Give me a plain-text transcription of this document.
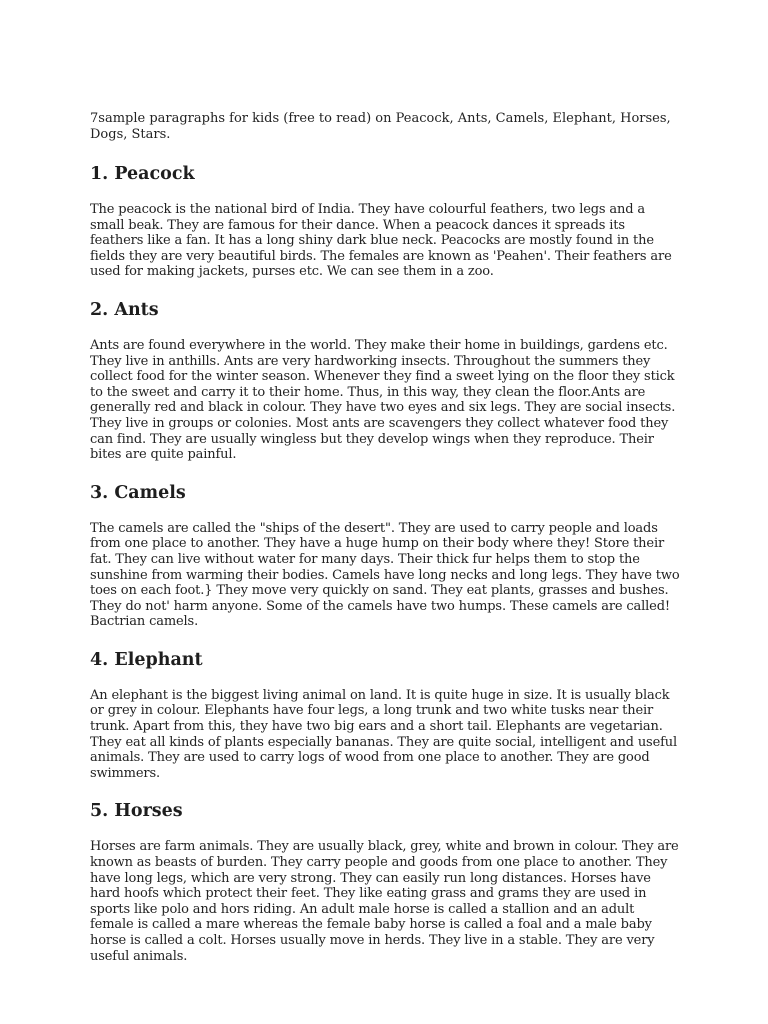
7sample paragraphs for kids (free to read) on Peacock, Ants, Camels, Elephant, Horses, Dogs, Stars.

1. Peacock

The peacock is the national bird of India. They have colourful feathers, two legs and a small beak. They are famous for their dance. When a peacock dances it spreads its feathers like a fan. It has a long shiny dark blue neck. Peacocks are mostly found in the fields they are very beautiful birds. The females are known as 'Peahen'. Their feathers are used for making jackets, purses etc. We can see them in a zoo.

2. Ants

Ants are found everywhere in the world. They make their home in buildings, gardens etc. They live in anthills. Ants are very hardworking insects. Throughout the summers they collect food for the winter season. Whenever they find a sweet lying on the floor they stick to the sweet and carry it to their home. Thus, in this way, they clean the floor.Ants are generally red and black in colour. They have two eyes and six legs. They are social insects. They live in groups or colonies. Most ants are scavengers they collect whatever food they can find. They are usually wingless but they develop wings when they reproduce. Their bites are quite painful.

3. Camels

The camels are called the "ships of the desert". They are used to carry people and loads from one place to another. They have a huge hump on their body where they! Store their fat. They can live without water for many days. Their thick fur helps them to stop the sunshine from warming their bodies. Camels have long necks and long legs. They have two toes on each foot.} They move very quickly on sand. They eat plants, grasses and bushes. They do not' harm anyone. Some of the camels have two humps. These camels are called! Bactrian camels.

4. Elephant

An elephant is the biggest living animal on land. It is quite huge in size. It is usually black or grey in colour. Elephants have four legs, a long trunk and two white tusks near their trunk. Apart from this, they have two big ears and a short tail. Elephants are vegetarian. They eat all kinds of plants especially bananas. They are quite social, intelligent and useful animals. They are used to carry logs of wood from one place to another. They are good swimmers.

5. Horses

Horses are farm animals. They are usually black, grey, white and brown in colour. They are known as beasts of burden. They carry people and goods from one place to another. They have long legs, which are very strong. They can easily run long distances. Horses have hard hoofs which protect their feet. They like eating grass and grams they are used in sports like polo and hors riding. An adult male horse is called a stallion and an adult female is called a mare whereas the female baby horse is called a foal and a male baby horse is called a colt. Horses usually move in herds. They live in a stable. They are very useful animals.
